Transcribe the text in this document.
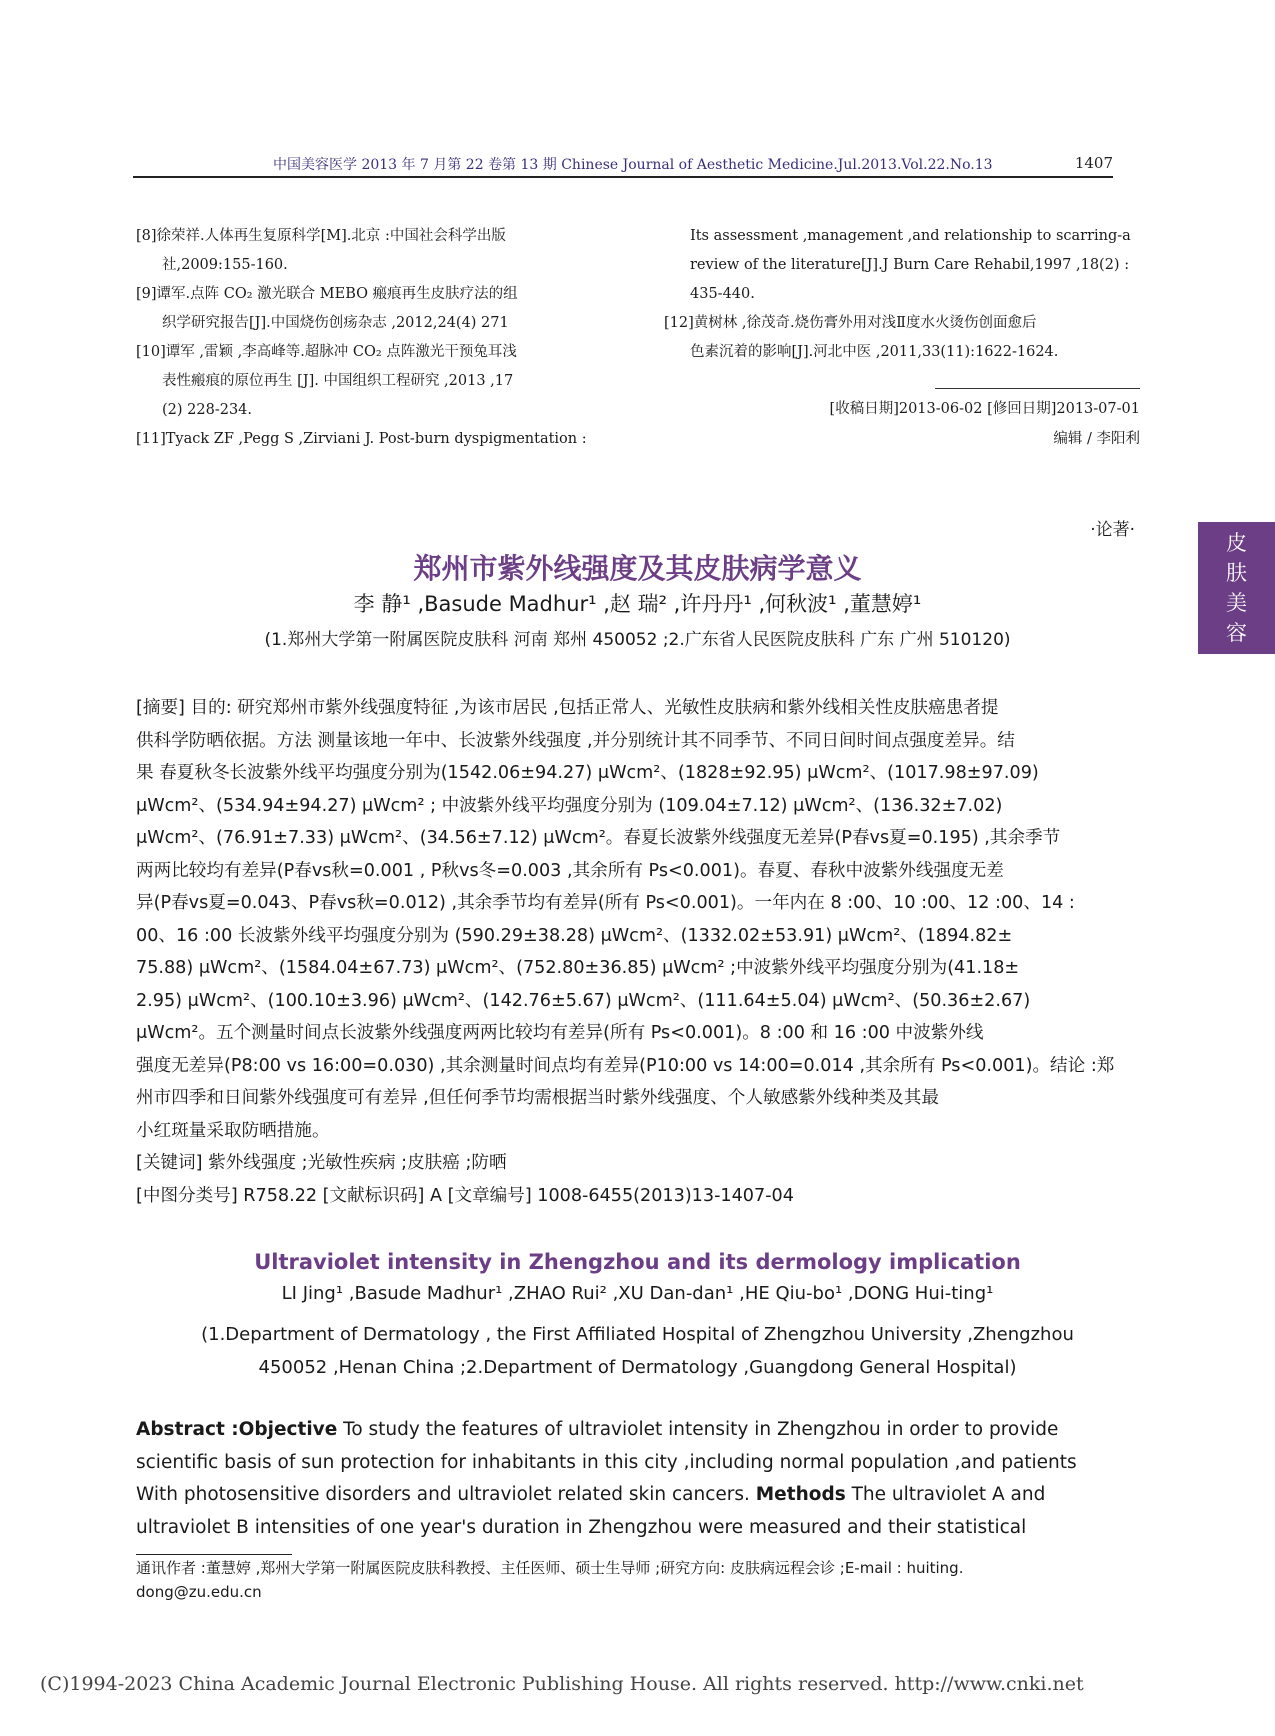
中国美容医学 2013 年 7 月第 22 卷第 13 期 Chinese Journal of Aesthetic Medicine.Jul.2013.Vol.22.No.13	1407
[8]徐荣祥.人体再生复原科学[M].北京 :中国社会科学出版
社,2009:155-160.
[9]谭军.点阵 CO₂ 激光联合 MEBO 瘢痕再生皮肤疗法的组
织学研究报告[J].中国烧伤创疡杂志 ,2012,24(4) 271
[10]谭军 ,雷颖 ,李高峰等.超脉冲 CO₂ 点阵激光干预兔耳浅
表性瘢痕的原位再生 [J]. 中国组织工程研究 ,2013 ,17
(2) 228-234.
[11]Tyack ZF ,Pegg S ,Zirviani J. Post-burn dyspigmentation :
Its assessment ,management ,and relationship to scarring-a
review of the literature[J].J Burn Care Rehabil,1997 ,18(2) :
435-440.
[12]黄树林 ,徐茂奇.烧伤膏外用对浅Ⅱ度水火烫伤创面愈后
色素沉着的影响[J].河北中医 ,2011,33(11):1622-1624.
[收稿日期]2013-06-02 [修回日期]2013-07-01
编辑 / 李阳利
皮
肤
美
容
·论著·
郑州市紫外线强度及其皮肤病学意义
李 静¹ ,Basude Madhur¹ ,赵 瑞² ,许丹丹¹ ,何秋波¹ ,董慧婷¹
(1.郑州大学第一附属医院皮肤科 河南 郑州 450052 ;2.广东省人民医院皮肤科 广东 广州 510120)
[摘要] 目的: 研究郑州市紫外线强度特征 ,为该市居民 ,包括正常人、光敏性皮肤病和紫外线相关性皮肤癌患者提
供科学防晒依据。方法 测量该地一年中、长波紫外线强度 ,并分别统计其不同季节、不同日间时间点强度差异。结
果 春夏秋冬长波紫外线平均强度分别为(1542.06±94.27) μWcm²、(1828±92.95) μWcm²、(1017.98±97.09)
μWcm²、(534.94±94.27) μWcm² ; 中波紫外线平均强度分别为 (109.04±7.12) μWcm²、(136.32±7.02)
μWcm²、(76.91±7.33) μWcm²、(34.56±7.12) μWcm²。春夏长波紫外线强度无差异(P春vs夏=0.195) ,其余季节
两两比较均有差异(P春vs秋=0.001 , P秋vs冬=0.003 ,其余所有 Ps<0.001)。春夏、春秋中波紫外线强度无差
异(P春vs夏=0.043、P春vs秋=0.012) ,其余季节均有差异(所有 Ps<0.001)。一年内在 8 :00、10 :00、12 :00、14 :
00、16 :00 长波紫外线平均强度分别为 (590.29±38.28) μWcm²、(1332.02±53.91) μWcm²、(1894.82±
75.88) μWcm²、(1584.04±67.73) μWcm²、(752.80±36.85) μWcm² ;中波紫外线平均强度分别为(41.18±
2.95) μWcm²、(100.10±3.96) μWcm²、(142.76±5.67) μWcm²、(111.64±5.04) μWcm²、(50.36±2.67)
μWcm²。五个测量时间点长波紫外线强度两两比较均有差异(所有 Ps<0.001)。8 :00 和 16 :00 中波紫外线
强度无差异(P8:00 vs 16:00=0.030) ,其余测量时间点均有差异(P10:00 vs 14:00=0.014 ,其余所有 Ps<0.001)。结论 :郑
州市四季和日间紫外线强度可有差异 ,但任何季节均需根据当时紫外线强度、个人敏感紫外线种类及其最
小红斑量采取防晒措施。
[关键词] 紫外线强度 ;光敏性疾病 ;皮肤癌 ;防晒
[中图分类号] R758.22 [文献标识码] A [文章编号] 1008-6455(2013)13-1407-04
Ultraviolet intensity in Zhengzhou and its dermology implication
LI Jing¹ ,Basude Madhur¹ ,ZHAO Rui² ,XU Dan-dan¹ ,HE Qiu-bo¹ ,DONG Hui-ting¹
(1.Department of Dermatology , the First Affiliated Hospital of Zhengzhou University ,Zhengzhou
450052 ,Henan China ;2.Department of Dermatology ,Guangdong General Hospital)
Abstract :Objective To study the features of ultraviolet intensity in Zhengzhou in order to provide
scientific basis of sun protection for inhabitants in this city ,including normal population ,and patients
With photosensitive disorders and ultraviolet related skin cancers. Methods The ultraviolet A and
ultraviolet B intensities of one year's duration in Zhengzhou were measured and their statistical
通讯作者 :董慧婷 ,郑州大学第一附属医院皮肤科教授、主任医师、硕士生导师 ;研究方向: 皮肤病远程会诊 ;E-mail : huiting.
dong@zu.edu.cn
(C)1994-2023 China Academic Journal Electronic Publishing House. All rights reserved. http://www.cnki.net
